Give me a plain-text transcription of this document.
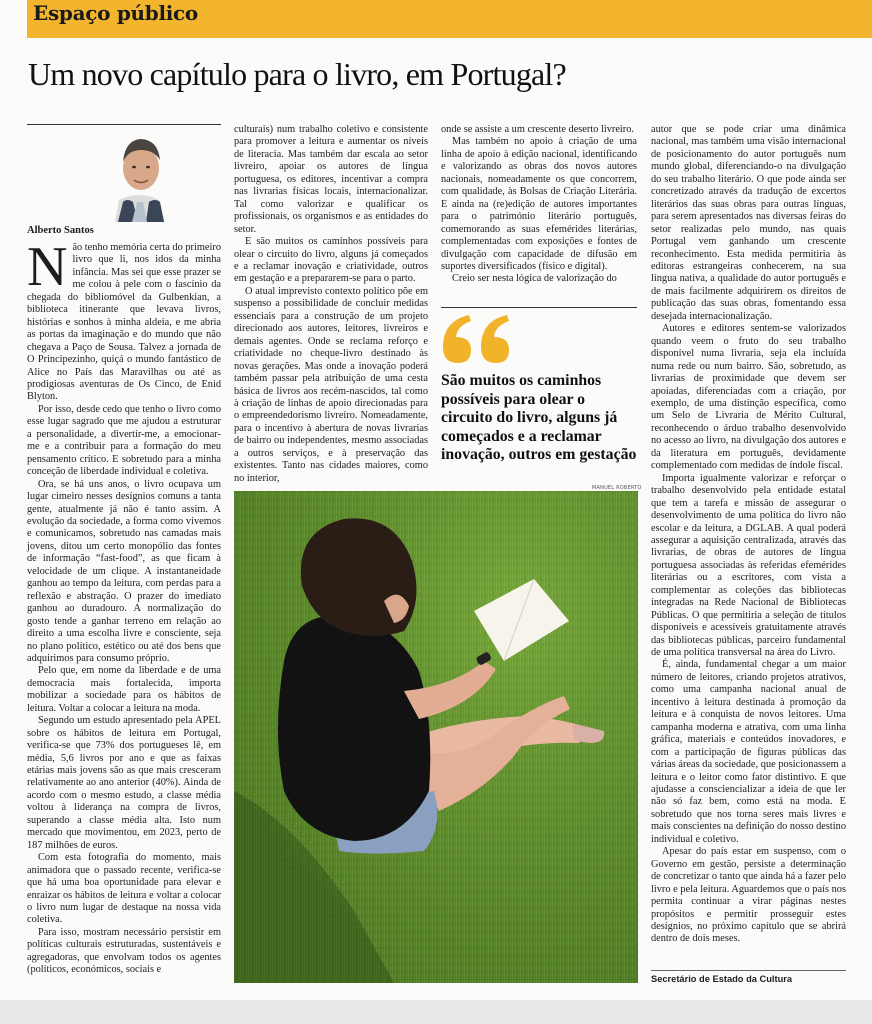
Espaço público
Um novo capítulo para o livro, em Portugal?
Alberto Santos

Não tenho memória certa do primeiro livro que li, nos idos da minha infância. Mas sei que esse prazer se me colou à pele com o fascínio da chegada do bibliomóvel da Gulbenkian, a biblioteca itinerante que levava livros, histórias e sonhos à minha aldeia, e me abria as portas da imaginação e do mundo que não chegava a Paço de Sousa. Talvez a jornada de O Principezinho, quiçá o mundo fantástico de Alice no País das Maravilhas ou até as prodigiosas aventuras de Os Cinco, de Enid Blyton.

Por isso, desde cedo que tenho o livro como esse lugar sagrado que me ajudou a estruturar a personalidade, a divertir-me, a emocionar-me e a contribuir para a formação do meu pensamento crítico. E sobretudo para a minha conceção de liberdade individual e coletiva.

Ora, se há uns anos, o livro ocupava um lugar cimeiro nesses desígnios comuns a tanta gente, atualmente já não é tanto assim. A evolução da sociedade, a forma como vivemos e comunicamos, sobretudo nas camadas mais jovens, ditou um certo monopólio das fontes de informação “fast-food”, as que ficam à velocidade de um clique. A instantaneidade ganhou ao tempo da leitura, com perdas para a reflexão e abstração. O prazer do imediato ganhou ao duradouro. A normalização do gosto tende a ganhar terreno em relação ao direito a uma escolha livre e consciente, seja no plano político, estético ou até dos bens que adquirimos para consumo próprio.

Pelo que, em nome da liberdade e de uma democracia mais fortalecida, importa mobilizar a sociedade para os hábitos de leitura. Voltar a colocar a leitura na moda.

Segundo um estudo apresentado pela APEL sobre os hábitos de leitura em Portugal, verifica-se que 73% dos portugueses lê, em média, 5,6 livros por ano e que as faixas etárias mais jovens são as que mais cresceram relativamente ao ano anterior (40%). Ainda de acordo com o mesmo estudo, a classe média voltou à liderança na compra de livros, superando a classe média alta. Isto num mercado que movimentou, em 2023, perto de 187 milhões de euros.

Com esta fotografia do momento, mais animadora que o passado recente, verifica-se que há uma boa oportunidade para elevar e enraizar os hábitos de leitura e voltar a colocar o livro num lugar de destaque na nossa vida coletiva.

Para isso, mostram necessário persistir em políticas culturais estruturadas, sustentáveis e agregadoras, que envolvam todos os agentes (políticos, económicos, sociais e

culturais) num trabalho coletivo e consistente para promover a leitura e aumentar os níveis de literacia. Mas também dar escala ao setor livreiro, apoiar os autores de língua portuguesa, os editores, incentivar a compra nas livrarias físicas locais, internacionalizar. Tal como valorizar e qualificar os profissionais, os organismos e as entidades do setor.

E são muitos os caminhos possíveis para olear o circuito do livro, alguns já começados e a reclamar inovação e criatividade, outros em gestação e a prepararem-se para o parto.

O atual imprevisto contexto político põe em suspenso a possibilidade de concluir medidas essenciais para a construção de um projeto direcionado aos autores, leitores, livreiros e demais agentes. Onde se reclama reforço e criatividade no cheque-livro destinado às novas gerações. Mas onde a inovação poderá também passar pela atribuição de uma cesta básica de livros aos recém-nascidos, tal como à criação de linhas de apoio direcionadas para o empreendedorismo livreiro. Nomeadamente, para o incentivo à abertura de novas livrarias de bairro ou independentes, mesmo associadas a outros serviços, e à preservação das existentes. Tanto nas cidades maiores, como no interior,

onde se assiste a um crescente deserto livreiro.

Mas também no apoio à criação de uma linha de apoio à edição nacional, identificando e valorizando as obras dos novos autores nacionais, nomeadamente os que concorrem, com qualidade, às Bolsas de Criação Literária. E ainda na (re)edição de autores importantes para o património literário português, comemorando as suas efemérides literárias, complementadas com exposições e fontes de divulgação com capacidade de difusão em suportes diversificados (físico e digital).

Creio ser nesta lógica de valorização do

São muitos os caminhos possíveis para olear o circuito do livro, alguns já começados e a reclamar inovação, outros em gestação
MANUEL ROBERTO

autor que se pode criar uma dinâmica nacional, mas também uma visão internacional de posicionamento do autor português num mundo global, diferenciando-o na divulgação do seu trabalho literário. O que pode ainda ser concretizado através da tradução de excertos literários das suas obras para outras línguas, para serem apresentados nas diversas feiras do setor realizadas pelo mundo, nas quais Portugal vem ganhando um crescente reconhecimento. Esta medida permitiria às editoras estrangeiras conhecerem, na sua língua nativa, a qualidade do autor português e de mais facilmente adquirirem os direitos de publicação das suas obras, fomentando essa desejada internacionalização.

Autores e editores sentem-se valorizados quando veem o fruto do seu trabalho disponível numa livraria, seja ela incluída numa rede ou num bairro. São, sobretudo, as livrarias de proximidade que devem ser apoiadas, diferenciadas com a criação, por exemplo, de uma distinção específica, como um Selo de Livraria de Mérito Cultural, reconhecendo o árduo trabalho desenvolvido no acesso ao livro, na divulgação dos autores e da literatura em português, devidamente complementado com medidas de índole fiscal.

Importa igualmente valorizar e reforçar o trabalho desenvolvido pela entidade estatal que tem a tarefa e missão de assegurar o desenvolvimento de uma política do livro não escolar e da leitura, a DGLAB. A qual poderá assegurar a aquisição centralizada, através das livrarias, de obras de autores de língua portuguesa associadas às referidas efemérides literárias ou a escritores, com vista a complementar as coleções das bibliotecas integradas na Rede Nacional de Bibliotecas Públicas. O que permitiria a seleção de títulos disponíveis e acessíveis gratuitamente através das bibliotecas públicas, parceiro fundamental de uma política transversal na área do Livro.

É, ainda, fundamental chegar a um maior número de leitores, criando projetos atrativos, como uma campanha nacional anual de incentivo à leitura destinada à promoção da leitura e à conquista de novos leitores. Uma campanha moderna e atrativa, com uma linha gráfica, materiais e conteúdos inovadores, e com a participação de figuras públicas das várias áreas da sociedade, que posicionassem a leitura e o leitor como fator distintivo. E que ajudasse a consciencializar a ideia de que ler não só faz bem, como está na moda. E sobretudo que nos torna seres mais livres e mais conscientes na definição do nosso destino individual e coletivo.

Apesar do país estar em suspenso, com o Governo em gestão, persiste a determinação de concretizar o tanto que ainda há a fazer pelo livro e pela leitura. Aguardemos que o país nos permita continuar a virar páginas nestes propósitos e permitir prosseguir estes desígnios, no próximo capítulo que se abrirá dentro de dois meses.

Secretário de Estado da Cultura
